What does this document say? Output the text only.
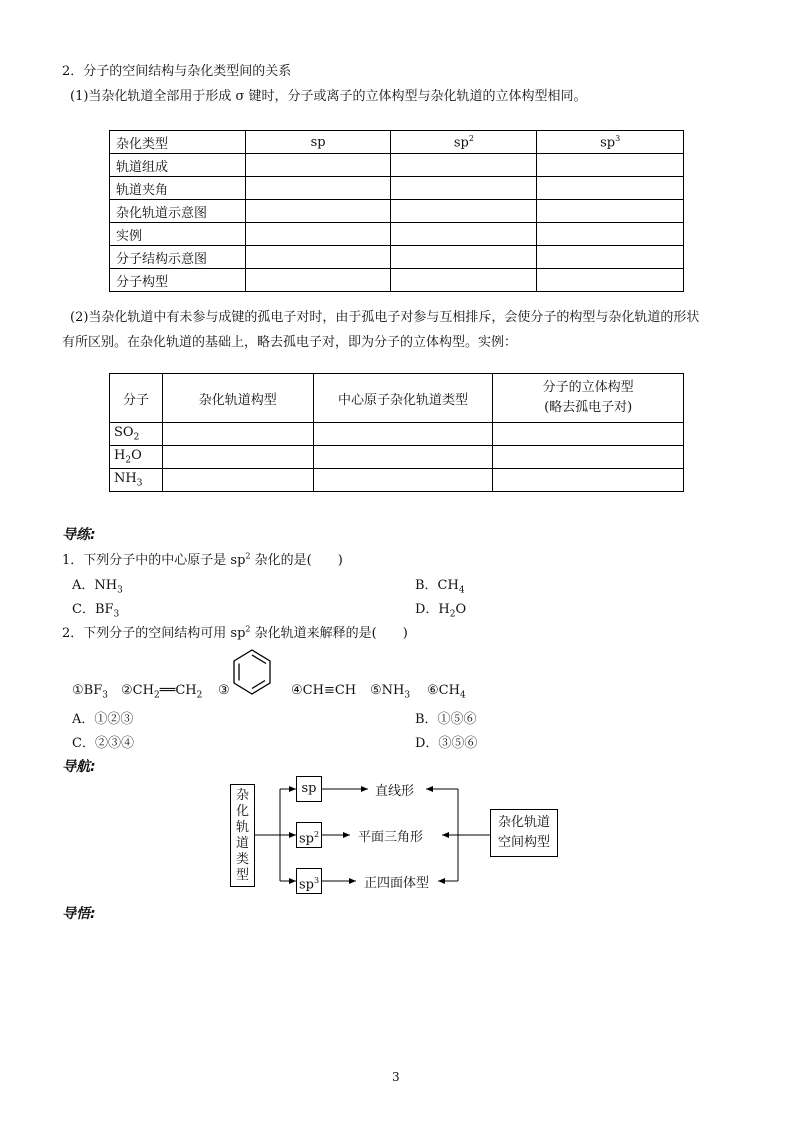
2．分子的空间结构与杂化类型间的关系
(1)当杂化轨道全部用于形成 σ 键时，分子或离子的立体构型与杂化轨道的立体构型相同。
杂化类型	sp	$sp^2$	$sp^3$
轨道组成			
轨道夹角			
杂化轨道示意图			
实例			
分子结构示意图			
分子构型			
(2)当杂化轨道中有未参与成键的孤电子对时，由于孤电子对参与互相排斥，会使分子的构型与杂化轨道的形状
有所区别。在杂化轨道的基础上，略去孤电子对，即为分子的立体构型。实例：
分子	杂化轨道构型	中心原子杂化轨道类型	分子的立体构型
(略去孤电子对)
$SO_2$			
$H_2O$			
$NH_3$			
导练:
1．下列分子中的中心原子是 $sp^2$ 杂化的是(　　)
A．$NH_3$	B．$CH_4$
C．$BF_3$	D．$H_2O$
2．下列分子的空间结构可用 $sp^2$ 杂化轨道来解释的是(　　)
$①BF_3$ $②CH_2══CH_2$ ③	④CH≡CH $⑤NH_3$ $⑥CH_4$
A．①②③	B．①⑤⑥
C．②③④	D．③⑤⑥
导航:
杂
化
轨
道
类
型
sp
$sp^2$
$sp^3$
直线形
平面三角形
正四面体型
杂化轨道
空间构型
导悟:
3
